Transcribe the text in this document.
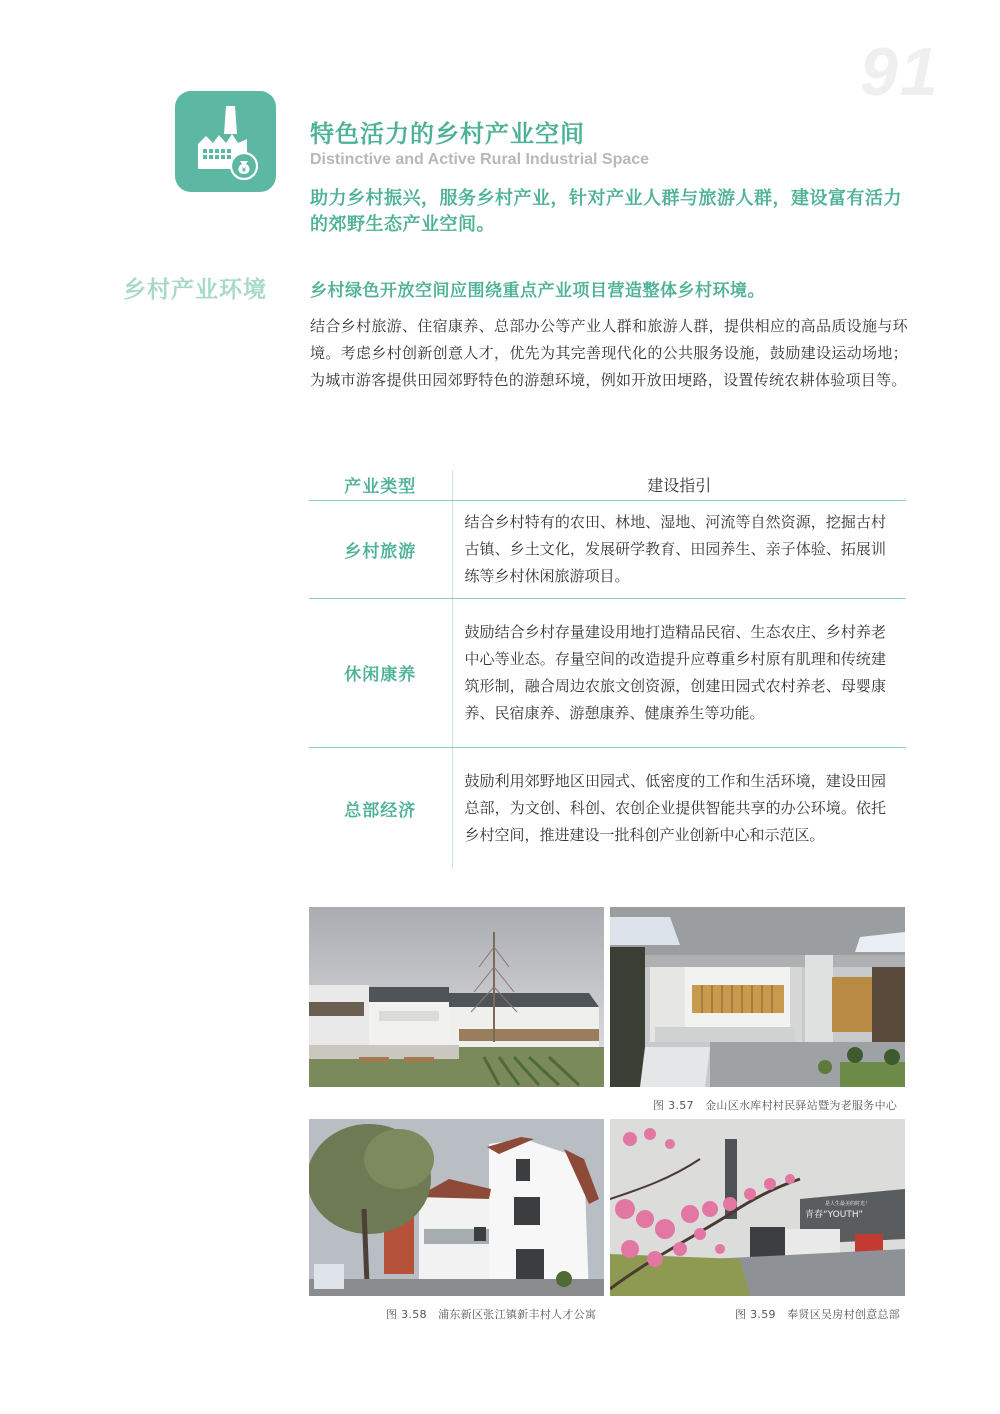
91
¥
特色活力的乡村产业空间
Distinctive and Active Rural Industrial Space
助力乡村振兴，服务乡村产业，针对产业人群与旅游人群，建设富有活力的郊野生态产业空间。
乡村产业环境	乡村绿色开放空间应围绕重点产业项目营造整体乡村环境。
结合乡村旅游、住宿康养、总部办公等产业人群和旅游人群，提供相应的高品质设施与环境。考虑乡村创新创意人才，优先为其完善现代化的公共服务设施，鼓励建设运动场地；为城市游客提供田园郊野特色的游憩环境，例如开放田埂路，设置传统农耕体验项目等。
产业类型	建设指引
乡村旅游	结合乡村特有的农田、林地、湿地、河流等自然资源，挖掘古村古镇、乡土文化，发展研学教育、田园养生、亲子体验、拓展训练等乡村休闲旅游项目。
休闲康养	鼓励结合乡村存量建设用地打造精品民宿、生态农庄、乡村养老中心等业态。存量空间的改造提升应尊重乡村原有肌理和传统建筑形制，融合周边农旅文创资源，创建田园式农村养老、母婴康养、民宿康养、游憩康养、健康养生等功能。
总部经济	鼓励利用郊野地区田园式、低密度的工作和生活环境，建设田园总部，为文创、科创、农创企业提供智能共享的办公环境。依托乡村空间，推进建设一批科创产业创新中心和示范区。
图 3.57　金山区水库村村民驿站暨为老服务中心
青春“YOUTH”
是人生最美的时光！
图 3.58　浦东新区张江镇新丰村人才公寓	图 3.59　奉贤区吴房村创意总部
